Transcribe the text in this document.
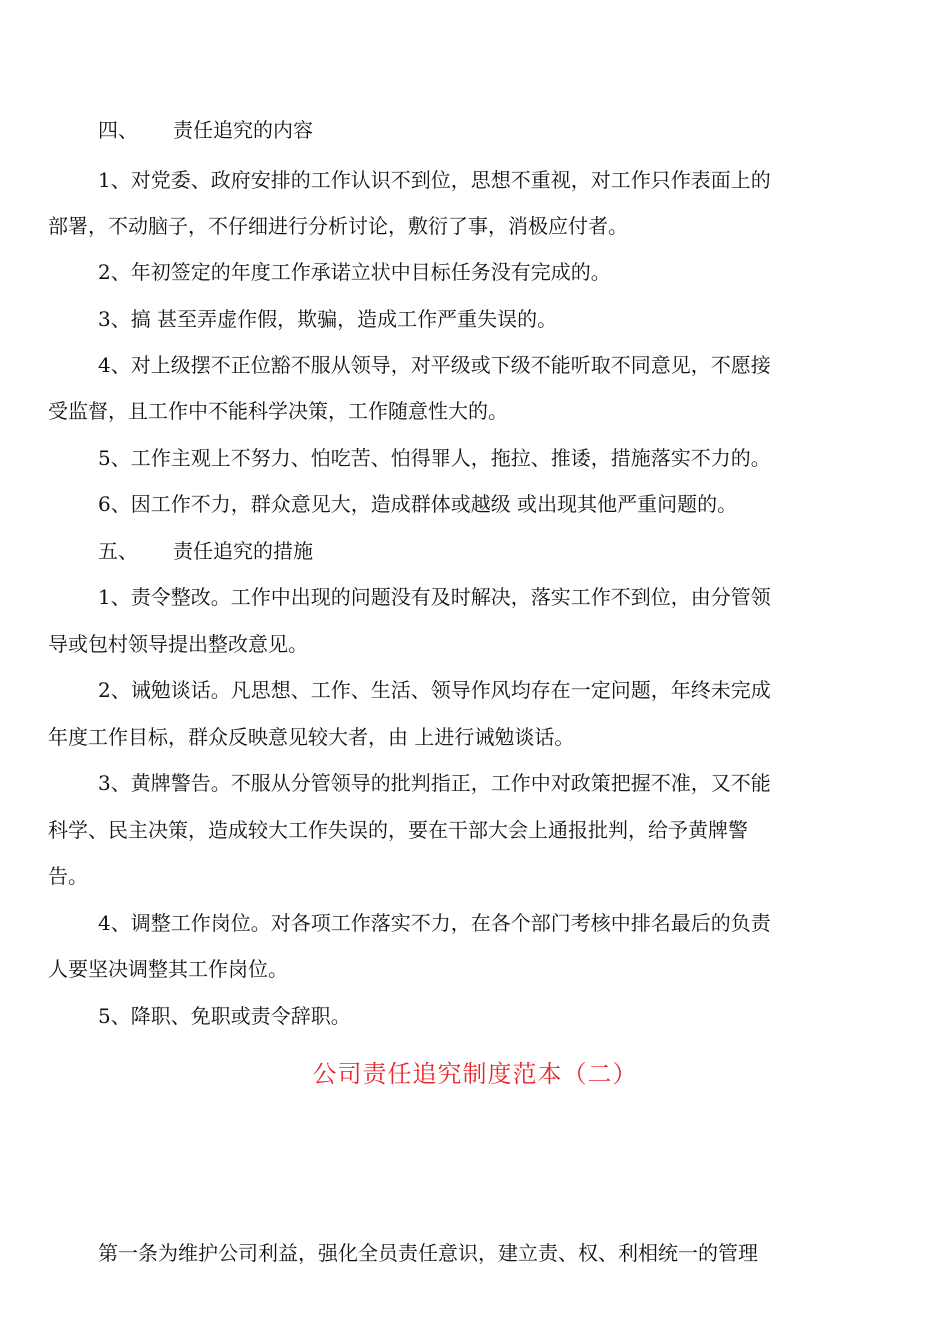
四、 责任追究的内容
1、对党委、政府安排的工作认识不到位，思想不重视，对工作只作表面上的
部署，不动脑子，不仔细进行分析讨论，敷衍了事，消极应付者。
2、年初签定的年度工作承诺立状中目标任务没有完成的。
3、搞 甚至弄虚作假，欺骗，造成工作严重失误的。
4、对上级摆不正位豁不服从领导，对平级或下级不能听取不同意见，不愿接
受监督，且工作中不能科学决策，工作随意性大的。
5、工作主观上不努力、怕吃苦、怕得罪人，拖拉、推诿，措施落实不力的。
6、因工作不力，群众意见大，造成群体或越级 或出现其他严重问题的。
五、 责任追究的措施
1、责令整改。工作中出现的问题没有及时解决，落实工作不到位，由分管领
导或包村领导提出整改意见。
2、诫勉谈话。凡思想、工作、生活、领导作风均存在一定问题，年终未完成
年度工作目标，群众反映意见较大者，由 上进行诫勉谈话。
3、黄牌警告。不服从分管领导的批判指正，工作中对政策把握不准，又不能
科学、民主决策，造成较大工作失误的，要在干部大会上通报批判，给予黄牌警
告。
4、调整工作岗位。对各项工作落实不力，在各个部门考核中排名最后的负责
人要坚决调整其工作岗位。
5、降职、免职或责令辞职。
公司责任追究制度范本（二）
第一条为维护公司利益，强化全员责任意识，建立责、权、利相统一的管理
